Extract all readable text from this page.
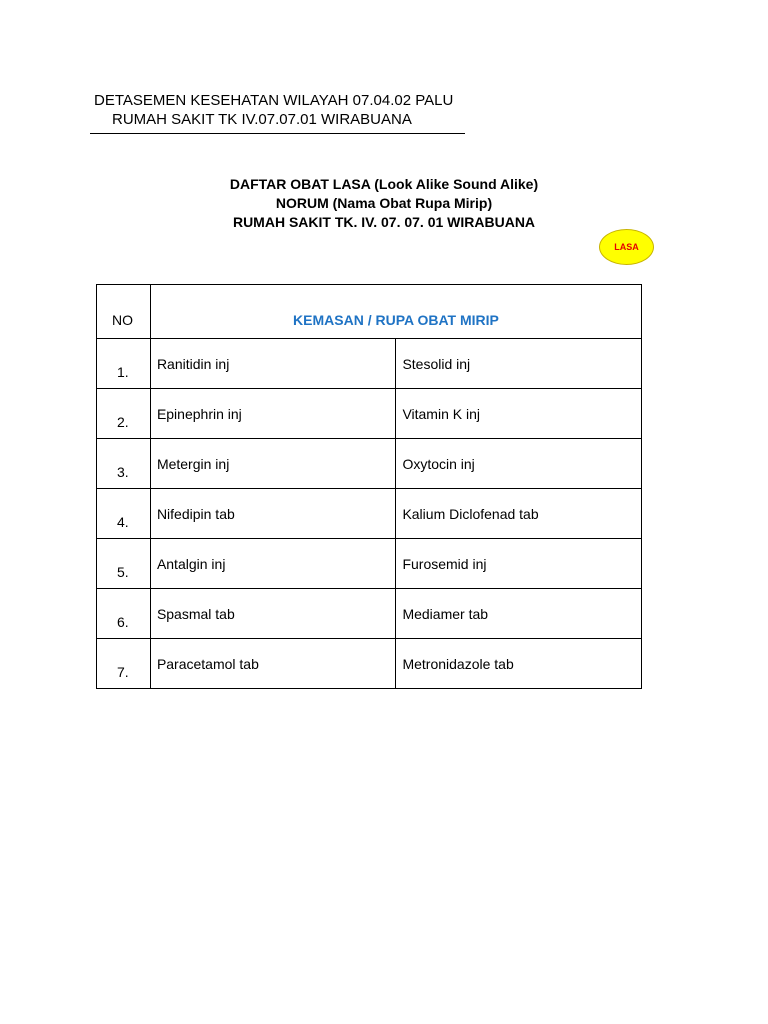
DETASEMEN KESEHATAN WILAYAH 07.04.02 PALU
RUMAH SAKIT TK IV.07.07.01 WIRABUANA
DAFTAR OBAT LASA (Look Alike Sound Alike)
NORUM (Nama Obat Rupa Mirip)
RUMAH SAKIT TK. IV. 07. 07. 01 WIRABUANA
LASA
NO	KEMASAN / RUPA OBAT MIRIP	
1.	Ranitidin inj	Stesolid inj
2.	Epinephrin inj	Vitamin K inj
3.	Metergin inj	Oxytocin inj
4.	Nifedipin tab	Kalium Diclofenad tab
5.	Antalgin inj	Furosemid inj
6.	Spasmal tab	Mediamer tab
7.	Paracetamol tab	Metronidazole tab
